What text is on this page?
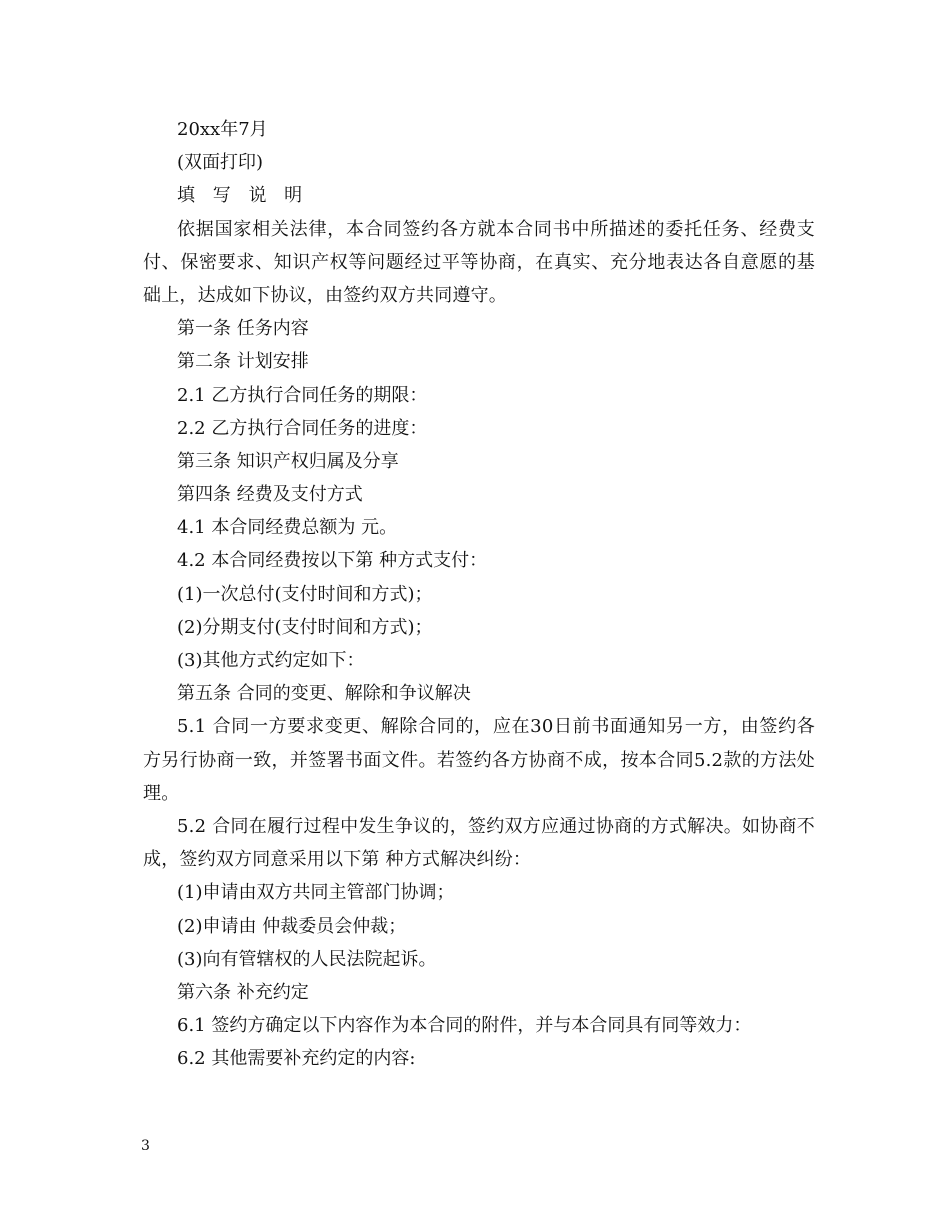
20xx年7月
(双面打印)
填 写 说 明
依据国家相关法律，本合同签约各方就本合同书中所描述的委托任务、经费支付、保密要求、知识产权等问题经过平等协商，在真实、充分地表达各自意愿的基础上，达成如下协议，由签约双方共同遵守。
第一条 任务内容
第二条 计划安排
2.1 乙方执行合同任务的期限：
2.2 乙方执行合同任务的进度：
第三条 知识产权归属及分享
第四条 经费及支付方式
4.1 本合同经费总额为 元。
4.2 本合同经费按以下第 种方式支付：
(1)一次总付(支付时间和方式)；
(2)分期支付(支付时间和方式)；
(3)其他方式约定如下：
第五条 合同的变更、解除和争议解决
5.1 合同一方要求变更、解除合同的，应在30日前书面通知另一方，由签约各方另行协商一致，并签署书面文件。若签约各方协商不成，按本合同5.2款的方法处理。
5.2 合同在履行过程中发生争议的，签约双方应通过协商的方式解决。如协商不成，签约双方同意采用以下第 种方式解决纠纷：
(1)申请由双方共同主管部门协调；
(2)申请由 仲裁委员会仲裁；
(3)向有管辖权的人民法院起诉。
第六条 补充约定
6.1 签约方确定以下内容作为本合同的附件，并与本合同具有同等效力：
6.2 其他需要补充约定的内容:
3
